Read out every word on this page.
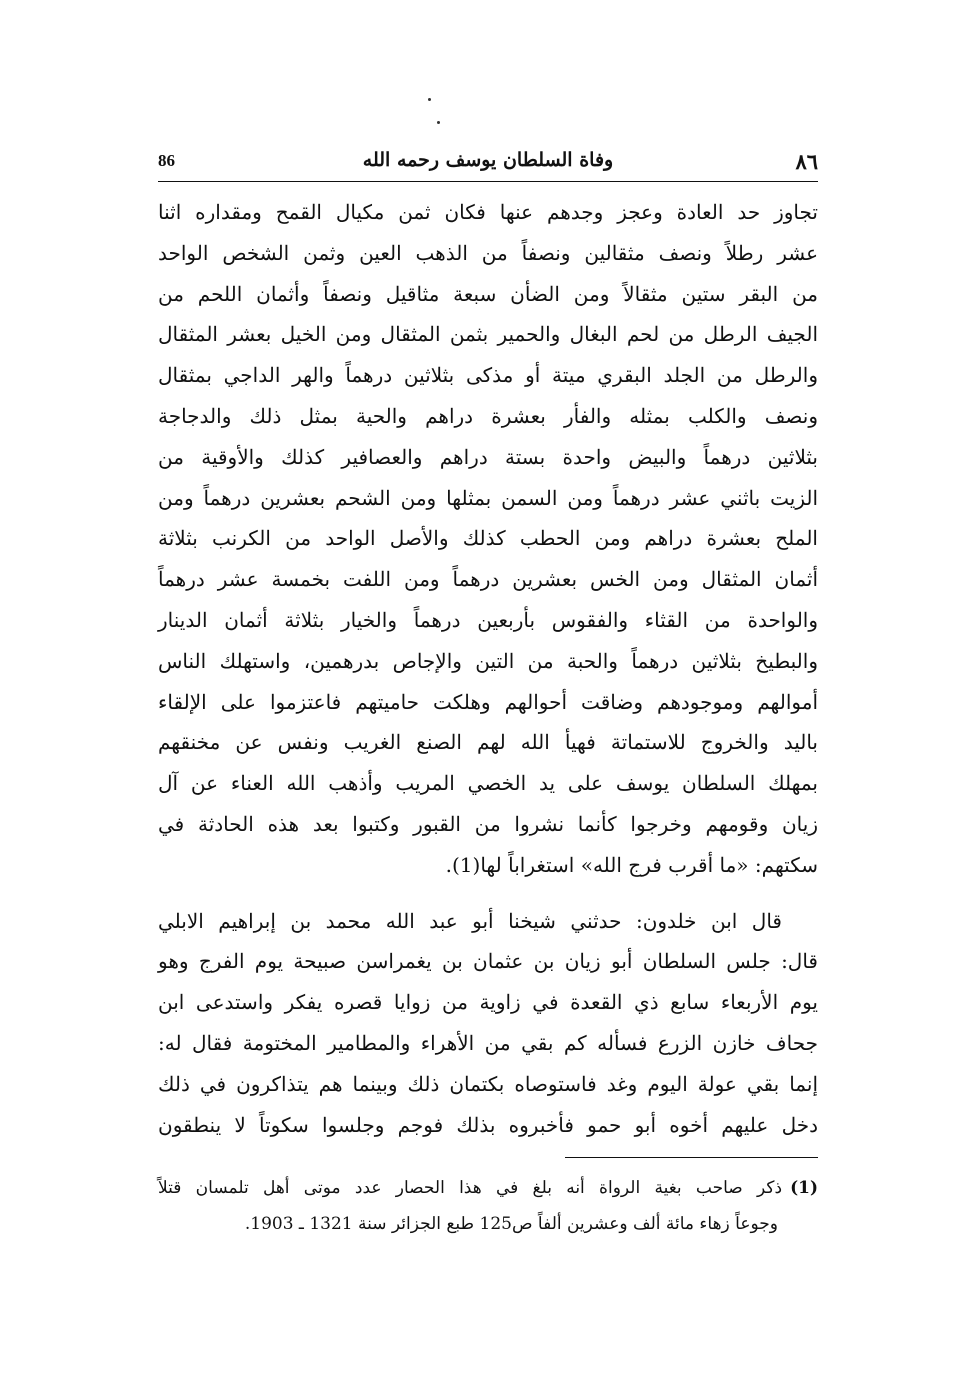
٨٦
وفاة السلطان يوسف رحمه الله
86
تجاوز حد العادة وعجز وجدهم عنها فكان ثمن مكيال القمح ومقداره اثنا
عشر رطلاً ونصف مثقالين ونصفاً من الذهب العين وثمن الشخص الواحد
من البقر ستين مثقالاً ومن الضأن سبعة مثاقيل ونصفاً وأثمان اللحم من
الجيف الرطل من لحم البغال والحمير بثمن المثقال ومن الخيل بعشر المثقال
والرطل من الجلد البقري ميتة أو مذكى بثلاثين درهماً والهر الداجي بمثقال
ونصف والكلب بمثله والفأر بعشرة دراهم والحية بمثل ذلك والدجاجة
بثلاثين درهماً والبيض واحدة بستة دراهم والعصافير كذلك والأوقية من
الزيت باثني عشر درهماً ومن السمن بمثلها ومن الشحم بعشرين درهماً ومن
الملح بعشرة دراهم ومن الحطب كذلك والأصل الواحد من الكرنب بثلاثة
أثمان المثقال ومن الخس بعشرين درهماً ومن اللفت بخمسة عشر درهماً
والواحدة من القثاء والفقوس بأربعين درهماً والخيار بثلاثة أثمان الدينار
والبطيخ بثلاثين درهماً والحبة من التين والإجاص بدرهمين، واستهلك الناس
أموالهم وموجودهم وضاقت أحوالهم وهلكت حاميتهم فاعتزموا على الإلقاء
باليد والخروج للاستماتة فهيأ الله لهم الصنع الغريب ونفس عن مخنقهم
بمهلك السلطان يوسف على يد الخصي المريب وأذهب الله العناء عن آل
زيان وقومهم وخرجوا كأنما نشروا من القبور وكتبوا بعد هذه الحادثة في
سكتهم: «ما أقرب فرج الله» استغراباً لها(1).
قال ابن خلدون: حدثني شيخنا أبو عبد الله محمد بن إبراهيم الابلي
قال: جلس السلطان أبو زيان بن عثمان بن يغمراسن صبيحة يوم الفرج وهو
يوم الأربعاء سابع ذي القعدة في زاوية من زوايا قصره يفكر واستدعى ابن
جحاف خازن الزرع فسأله كم بقي من الأهراء والمطامير المختومة فقال له:
إنما بقي عولة اليوم وغد فاستوصاه بكتمان ذلك وبينما هم يتذاكرون في ذلك
دخل عليهم أخوه أبو حمو فأخبروه بذلك فوجم وجلسوا سكوتاً لا ينطقون
(1)ذكر صاحب بغية الرواة أنه بلغ في هذا الحصار عدد موتى أهل تلمسان قتلاً
وجوعاً زهاء مائة ألف وعشرين ألفاً ص125 طبع الجزائر سنة 1321 ـ 1903.
